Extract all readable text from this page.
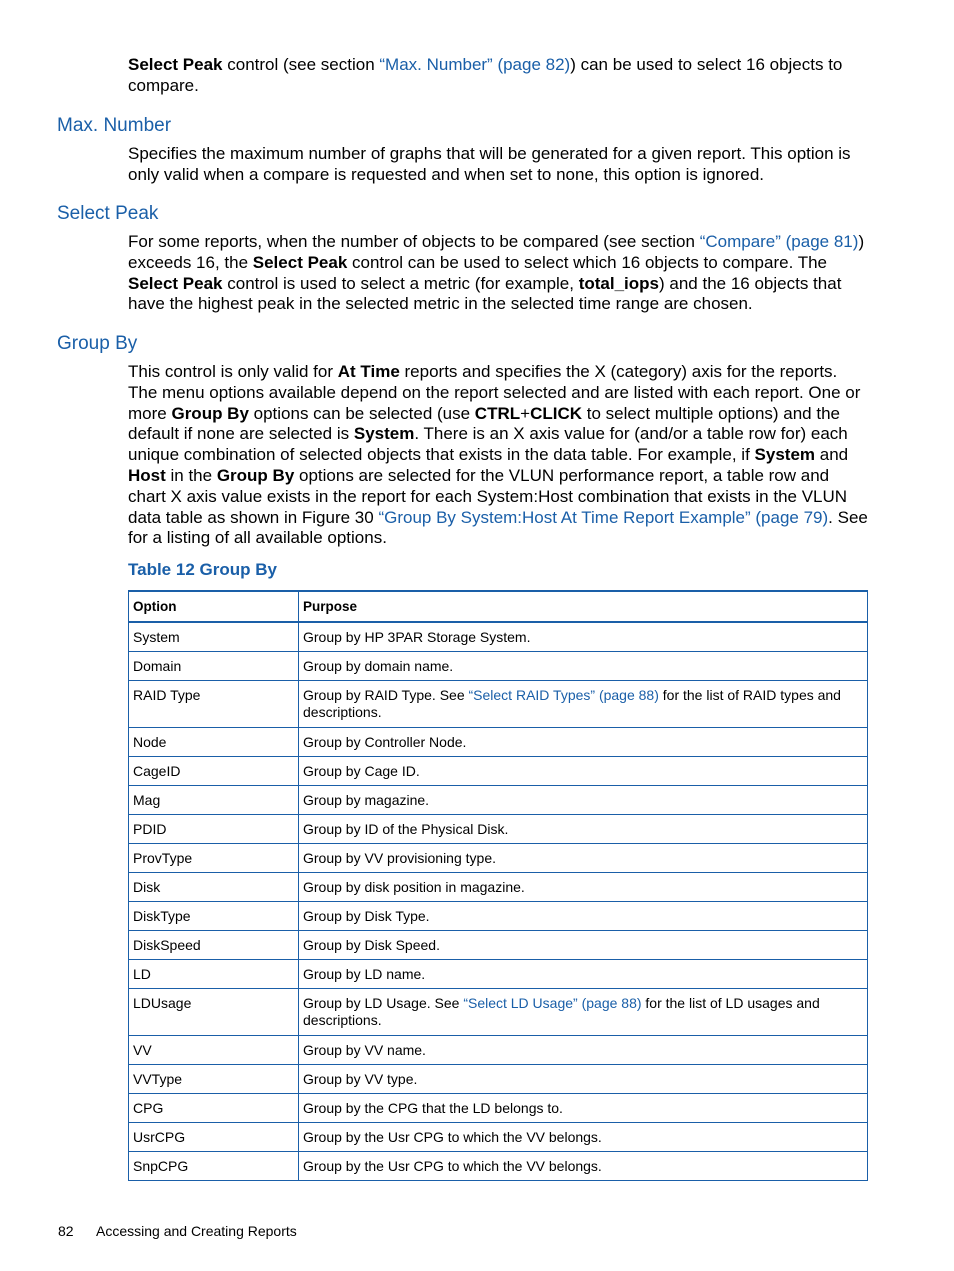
Select Peak control (see section “Max. Number” (page 82)) can be used to select 16 objects to compare.

Max. Number

Specifies the maximum number of graphs that will be generated for a given report. This option is only valid when a compare is requested and when set to none, this option is ignored.

Select Peak

For some reports, when the number of objects to be compared (see section “Compare” (page 81)) exceeds 16, the Select Peak control can be used to select which 16 objects to compare. The Select Peak control is used to select a metric (for example, total_iops) and the 16 objects that have the highest peak in the selected metric in the selected time range are chosen.

Group By

This control is only valid for At Time reports and specifies the X (category) axis for the reports. The menu options available depend on the report selected and are listed with each report. One or more Group By options can be selected (use CTRL+CLICK to select multiple options) and the default if none are selected is System. There is an X axis value for (and/or a table row for) each unique combination of selected objects that exists in the data table. For example, if System and Host in the Group By options are selected for the VLUN performance report, a table row and chart X axis value exists in the report for each System:Host combination that exists in the VLUN data table as shown in Figure 30 “Group By System:Host At Time Report Example” (page 79). See for a listing of all available options.

Table 12 Group By

Option	Purpose
System	Group by HP 3PAR Storage System.
Domain	Group by domain name.
RAID Type	Group by RAID Type. See “Select RAID Types” (page 88) for the list of RAID types and descriptions.
Node	Group by Controller Node.
CageID	Group by Cage ID.
Mag	Group by magazine.
PDID	Group by ID of the Physical Disk.
ProvType	Group by VV provisioning type.
Disk	Group by disk position in magazine.
DiskType	Group by Disk Type.
DiskSpeed	Group by Disk Speed.
LD	Group by LD name.
LDUsage	Group by LD Usage. See “Select LD Usage” (page 88) for the list of LD usages and descriptions.
VV	Group by VV name.
VVType	Group by VV type.
CPG	Group by the CPG that the LD belongs to.
UsrCPG	Group by the Usr CPG to which the VV belongs.
SnpCPG	Group by the Usr CPG to which the VV belongs.
82 Accessing and Creating Reports
